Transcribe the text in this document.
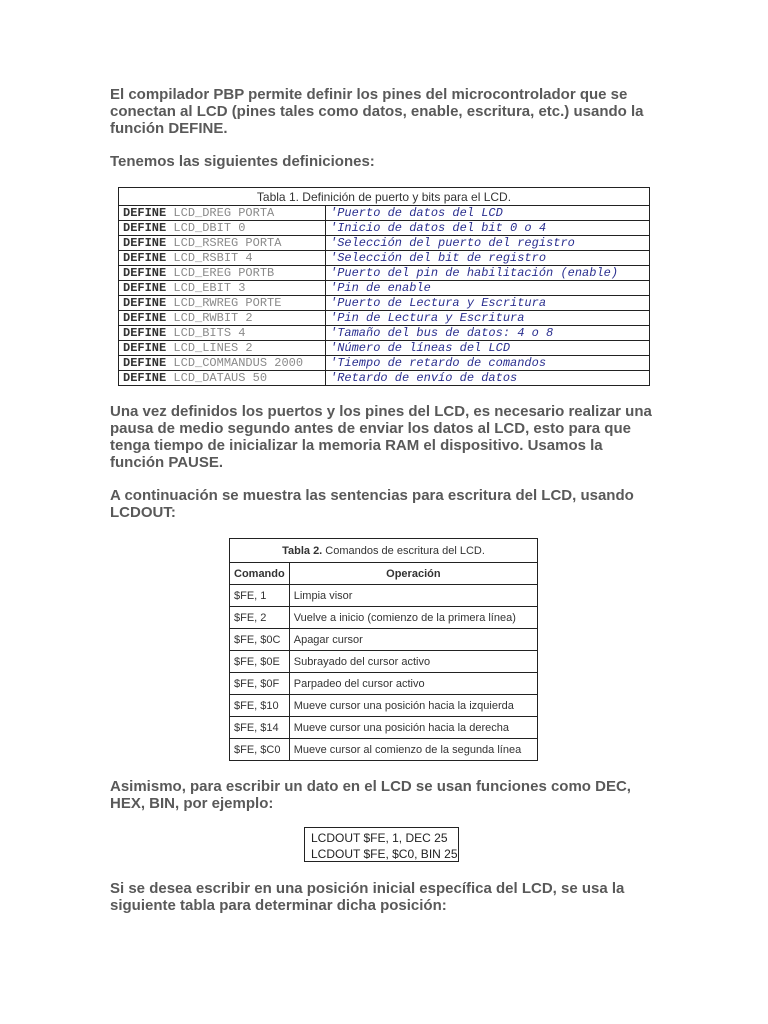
El compilador PBP permite definir los pines del microcontrolador que se conectan al LCD (pines tales como datos, enable, escritura, etc.) usando la función DEFINE.

Tenemos las siguientes definiciones:

Tabla 1. Definición de puerto y bits para el LCD.	
DEFINE LCD_DREG PORTA	'Puerto de datos del LCD
DEFINE LCD_DBIT 0	'Inicio de datos del bit 0 o 4
DEFINE LCD_RSREG PORTA	'Selección del puerto del registro
DEFINE LCD_RSBIT 4	'Selección del bit de registro
DEFINE LCD_EREG PORTB	'Puerto del pin de habilitación (enable)
DEFINE LCD_EBIT 3	'Pin de enable
DEFINE LCD_RWREG PORTE	'Puerto de Lectura y Escritura
DEFINE LCD_RWBIT 2	'Pin de Lectura y Escritura
DEFINE LCD_BITS 4	'Tamaño del bus de datos: 4 o 8
DEFINE LCD_LINES 2	'Número de líneas del LCD
DEFINE LCD_COMMANDUS 2000	'Tiempo de retardo de comandos
DEFINE LCD_DATAUS 50	'Retardo de envío de datos

Una vez definidos los puertos y los pines del LCD, es necesario realizar una pausa de medio segundo antes de enviar los datos al LCD, esto para que tenga tiempo de inicializar la memoria RAM el dispositivo. Usamos la función PAUSE.

A continuación se muestra las sentencias para escritura del LCD, usando LCDOUT:

Tabla 2. Comandos de escritura del LCD.	
Comando	Operación
$FE, 1	Limpia visor
$FE, 2	Vuelve a inicio (comienzo de la primera línea)
$FE, $0C	Apagar cursor
$FE, $0E	Subrayado del cursor activo
$FE, $0F	Parpadeo del cursor activo
$FE, $10	Mueve cursor una posición hacia la izquierda
$FE, $14	Mueve cursor una posición hacia la derecha
$FE, $C0	Mueve cursor al comienzo de la segunda línea

Asimismo, para escribir un dato en el LCD se usan funciones como DEC, HEX, BIN, por ejemplo:

LCDOUT $FE, 1, DEC 25
LCDOUT $FE, $C0, BIN 25

Si se desea escribir en una posición inicial específica del LCD, se usa la siguiente tabla para determinar dicha posición:
